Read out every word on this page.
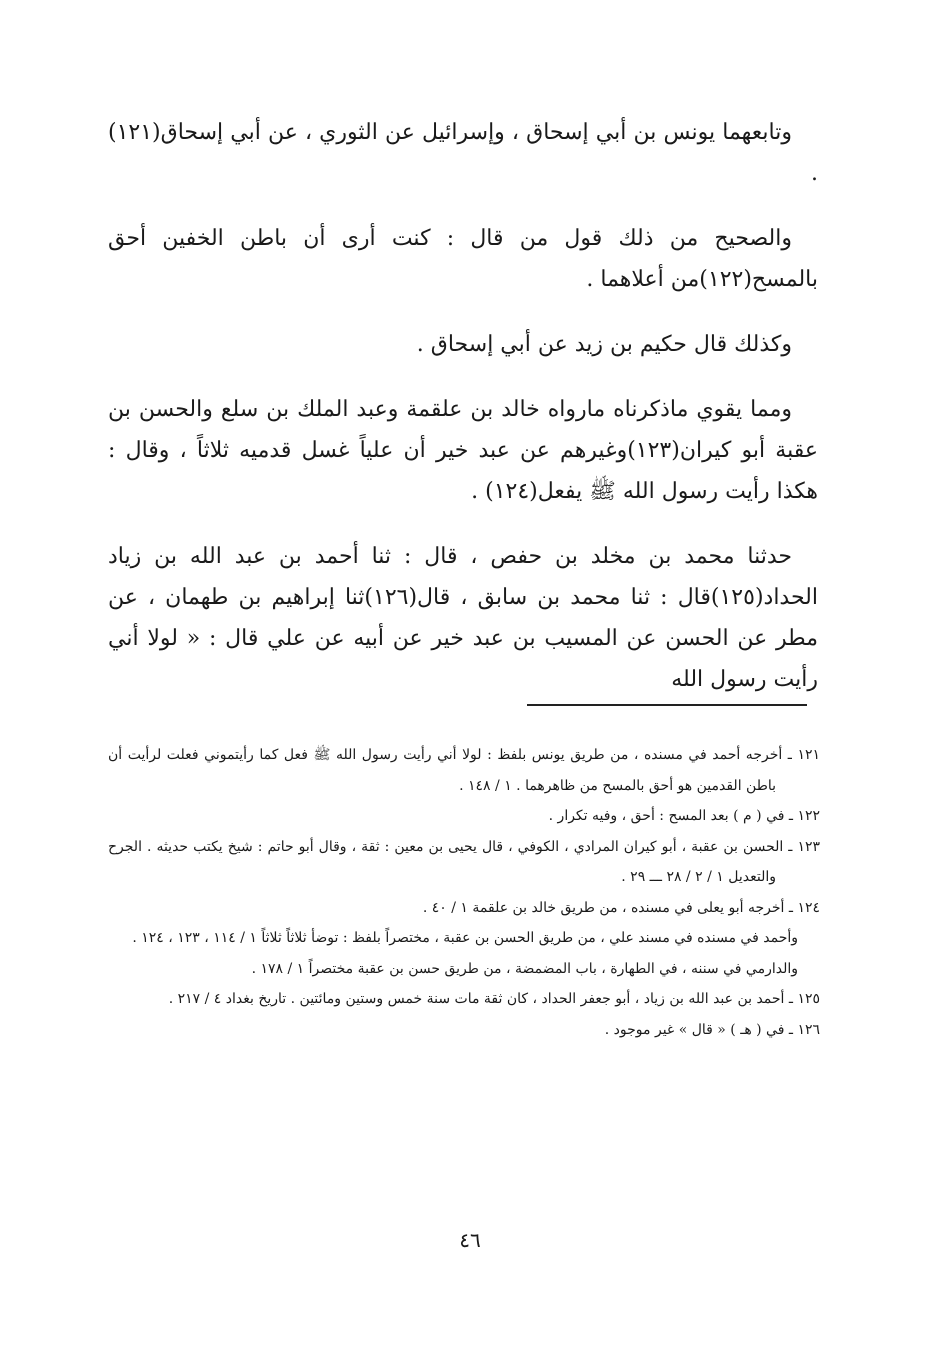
وتابعهما يونس بن أبي إسحاق ، وإسرائيل عن الثوري ، عن أبي إسحاق(١٢١) .

والصحيح من ذلك قول من قال : كنت أرى أن باطن الخفين أحق بالمسح(١٢٢)من أعلاهما .

وكذلك قال حكيم بن زيد عن أبي إسحاق .

ومما يقوي ماذكرناه مارواه خالد بن علقمة وعبد الملك بن سلع والحسن بن عقبة أبو كيران(١٢٣)وغيرهم عن عبد خير أن علياً غسل قدميه ثلاثاً ، وقال : هكذا رأيت رسول الله ﷺ يفعل(١٢٤) .

حدثنا محمد بن مخلد بن حفص ، قال : ثنا أحمد بن عبد الله بن زياد الحداد(١٢٥)قال : ثنا محمد بن سابق ، قال(١٢٦)ثنا إبراهيم بن طهمان ، عن مطر عن الحسن عن المسيب بن عبد خير عن أبيه عن علي قال : « لولا أني رأيت رسول الله

١٢١ ـ أخرجه أحمد في مسنده ، من طريق يونس بلفظ : لولا أني رأيت رسول الله ﷺ فعل كما رأيتموني فعلت لرأيت أن باطن القدمين هو أحق بالمسح من ظاهرهما . ١ / ١٤٨ .

١٢٢ ـ في ( م ) بعد المسح : أحق ، وفيه تكرار .

١٢٣ ـ الحسن بن عقبة ، أبو كيران المرادي ، الكوفي ، قال يحيى بن معين : ثقة ، وقال أبو حاتم : شيخ يكتب حديثه . الجرح والتعديل ١ / ٢ / ٢٨ ـــ ٢٩ .

١٢٤ ـ أخرجه أبو يعلى في مسنده ، من طريق خالد بن علقمة ١ / ٤٠ .

وأحمد في مسنده في مسند علي ، من طريق الحسن بن عقبة ، مختصراً بلفظ : توضأ ثلاثاً ثلاثاً ١ / ١١٤ ، ١٢٣ ، ١٢٤ .

والدارمي في سننه ، في الطهارة ، باب المضمضة ، من طريق حسن بن عقبة مختصراً ١ / ١٧٨ .

١٢٥ ـ أحمد بن عبد الله بن زياد ، أبو جعفر الحداد ، كان ثقة مات سنة خمس وستين ومائتين . تاريخ بغداد ٤ / ٢١٧ .

١٢٦ ـ في ( هـ ) « قال » غير موجود .

٤٦
